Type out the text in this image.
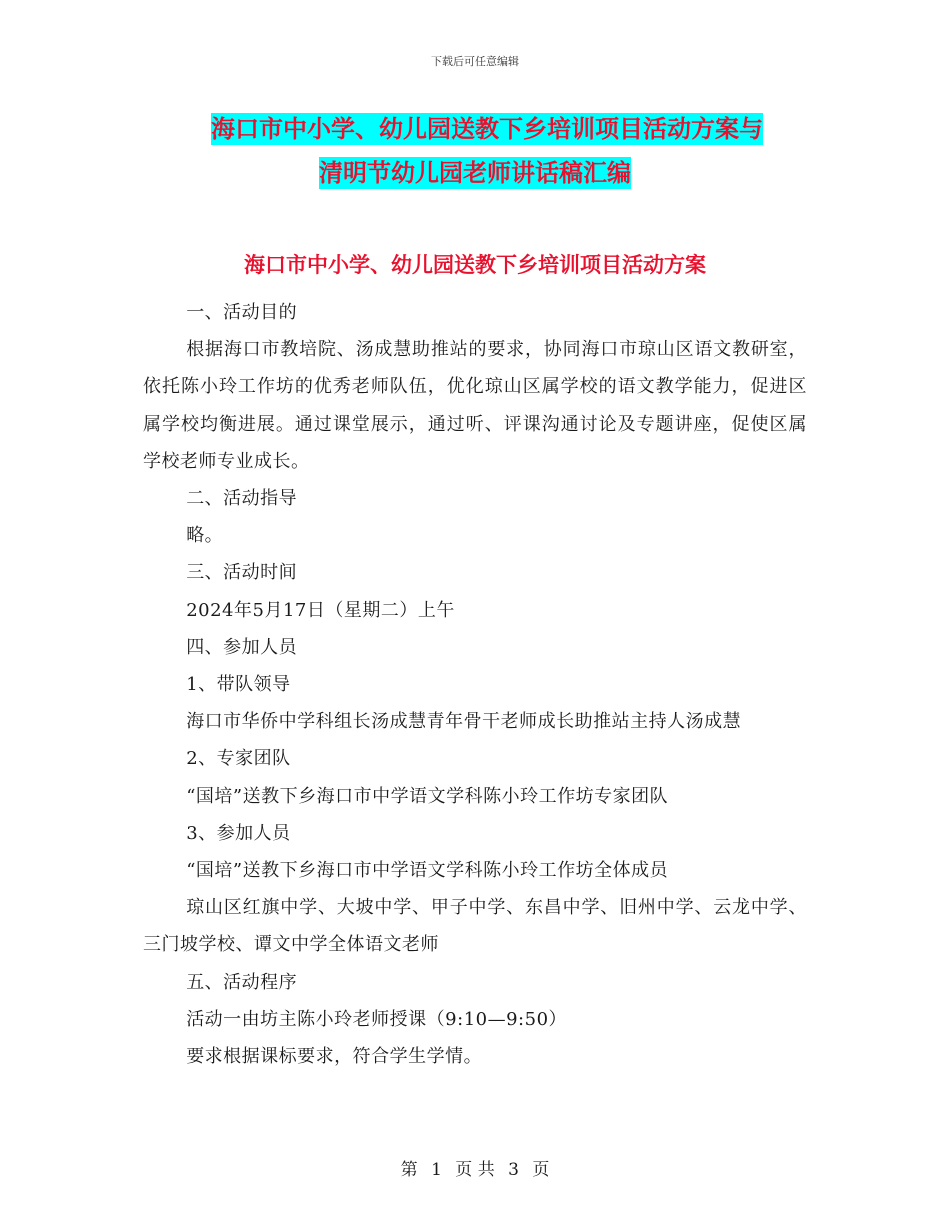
下载后可任意编辑
海口市中小学、幼儿园送教下乡培训项目活动方案与
清明节幼儿园老师讲话稿汇编
海口市中小学、幼儿园送教下乡培训项目活动方案

一、活动目的

根据海口市教培院、汤成慧助推站的要求，协同海口市琼山区语文教研室，依托陈小玲工作坊的优秀老师队伍，优化琼山区属学校的语文教学能力，促进区属学校均衡进展。通过课堂展示，通过听、评课沟通讨论及专题讲座，促使区属学校老师专业成长。

二、活动指导

略。

三、活动时间

2024年5月17日（星期二）上午

四、参加人员

1、带队领导

海口市华侨中学科组长汤成慧青年骨干老师成长助推站主持人汤成慧

2、专家团队

“国培”送教下乡海口市中学语文学科陈小玲工作坊专家团队

3、参加人员

“国培”送教下乡海口市中学语文学科陈小玲工作坊全体成员

琼山区红旗中学、大坡中学、甲子中学、东昌中学、旧州中学、云龙中学、三门坡学校、谭文中学全体语文老师

五、活动程序

活动一由坊主陈小玲老师授课（9:10—9:50）

要求根据课标要求，符合学生学情。

第 1 页 共 3 页
